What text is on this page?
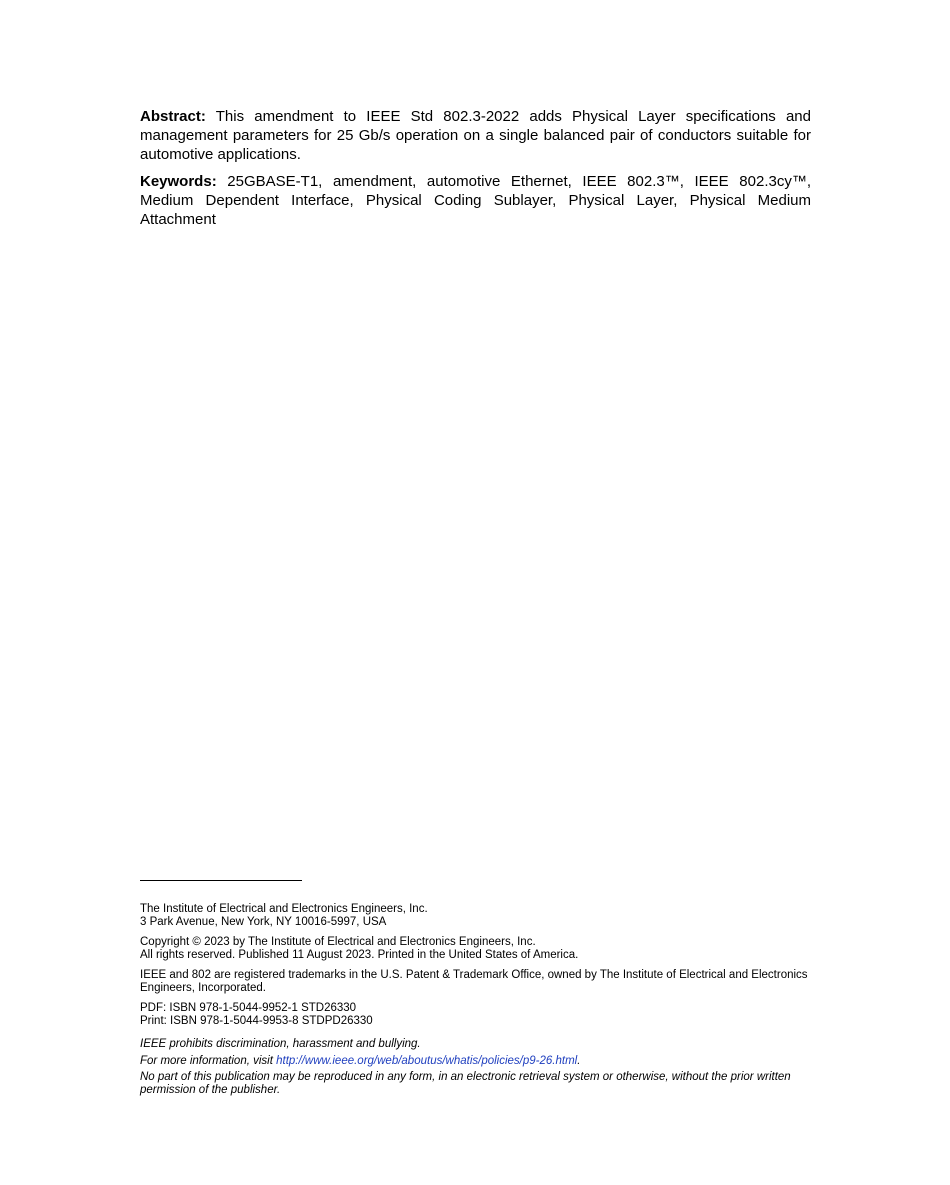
Abstract: This amendment to IEEE Std 802.3-2022 adds Physical Layer specifications and management parameters for 25 Gb/s operation on a single balanced pair of conductors suitable for automotive applications.

Keywords: 25GBASE-T1, amendment, automotive Ethernet, IEEE 802.3™, IEEE 802.3cy™, Medium Dependent Interface, Physical Coding Sublayer, Physical Layer, Physical Medium Attachment

The Institute of Electrical and Electronics Engineers, Inc.
3 Park Avenue, New York, NY 10016-5997, USA
Copyright © 2023 by The Institute of Electrical and Electronics Engineers, Inc.
All rights reserved. Published 11 August 2023. Printed in the United States of America.
IEEE and 802 are registered trademarks in the U.S. Patent & Trademark Office, owned by The Institute of Electrical and Electronics Engineers, Incorporated.
PDF: ISBN 978-1-5044-9952-1 STD26330
Print: ISBN 978-1-5044-9953-8 STDPD26330
IEEE prohibits discrimination, harassment and bullying.
For more information, visit http://www.ieee.org/web/aboutus/whatis/policies/p9-26.html.
No part of this publication may be reproduced in any form, in an electronic retrieval system or otherwise, without the prior written permission of the publisher.
